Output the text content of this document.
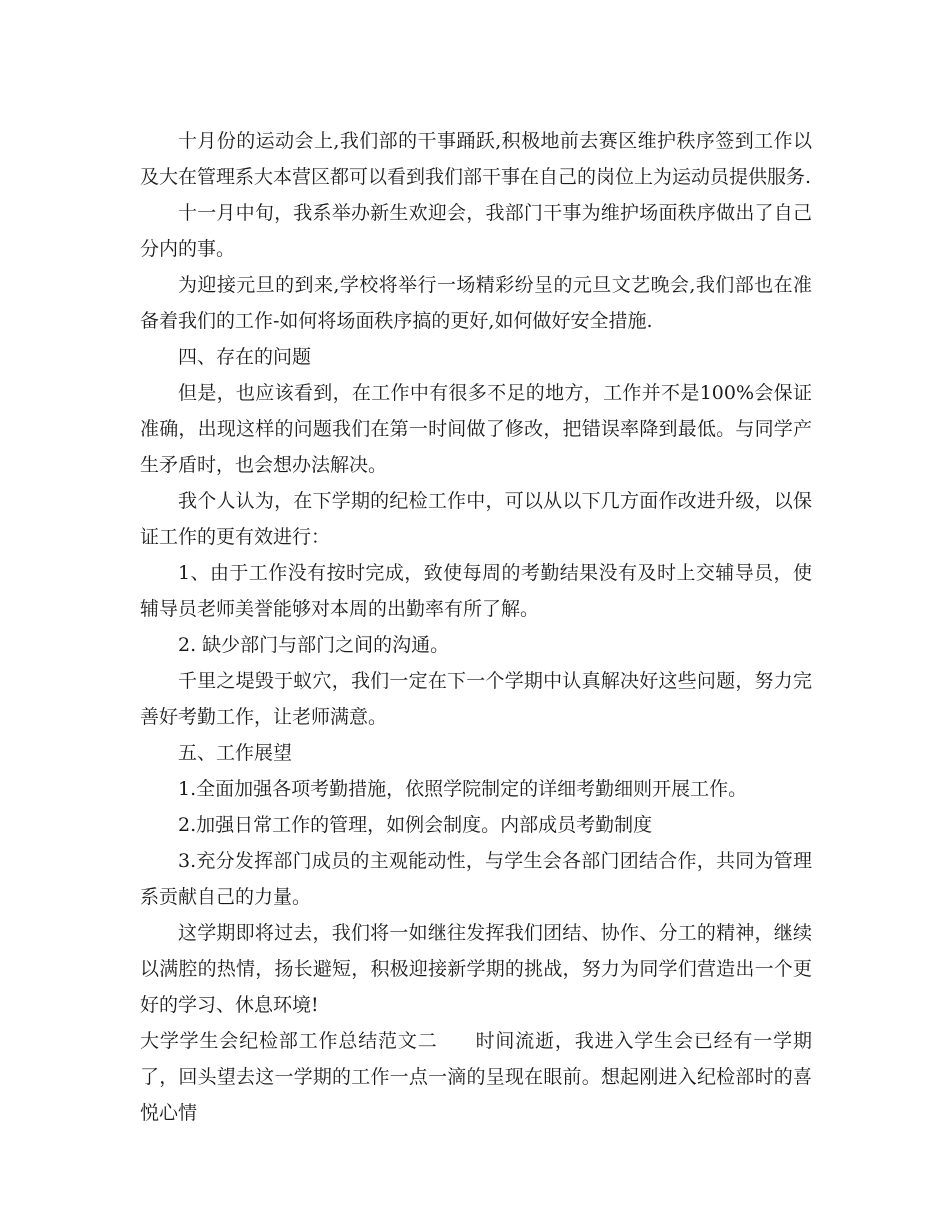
十月份的运动会上,我们部的干事踊跃,积极地前去赛区维护秩序签到工作以及大在管理系大本营区都可以看到我们部干事在自己的岗位上为运动员提供服务.

十一月中旬，我系举办新生欢迎会，我部门干事为维护场面秩序做出了自己分内的事。

为迎接元旦的到来,学校将举行一场精彩纷呈的元旦文艺晚会,我们部也在准备着我们的工作-如何将场面秩序搞的更好,如何做好安全措施.

四、存在的问题

但是，也应该看到，在工作中有很多不足的地方，工作并不是100%会保证准确，出现这样的问题我们在第一时间做了修改，把错误率降到最低。与同学产生矛盾时，也会想办法解决。

我个人认为，在下学期的纪检工作中，可以从以下几方面作改进升级，以保证工作的更有效进行：

1、由于工作没有按时完成，致使每周的考勤结果没有及时上交辅导员，使辅导员老师美誉能够对本周的出勤率有所了解。

2. 缺少部门与部门之间的沟通。

千里之堤毁于蚁穴，我们一定在下一个学期中认真解决好这些问题，努力完善好考勤工作，让老师满意。

五、工作展望

1.全面加强各项考勤措施，依照学院制定的详细考勤细则开展工作。

2.加强日常工作的管理，如例会制度。内部成员考勤制度

3.充分发挥部门成员的主观能动性，与学生会各部门团结合作，共同为管理系贡献自己的力量。

这学期即将过去，我们将一如继往发挥我们团结、协作、分工的精神，继续以满腔的热情，扬长避短，积极迎接新学期的挑战，努力为同学们营造出一个更好的学习、休息环境!

大学学生会纪检部工作总结范文二 时间流逝，我进入学生会已经有一学期了，回头望去这一学期的工作一点一滴的呈现在眼前。想起刚进入纪检部时的喜悦心情
